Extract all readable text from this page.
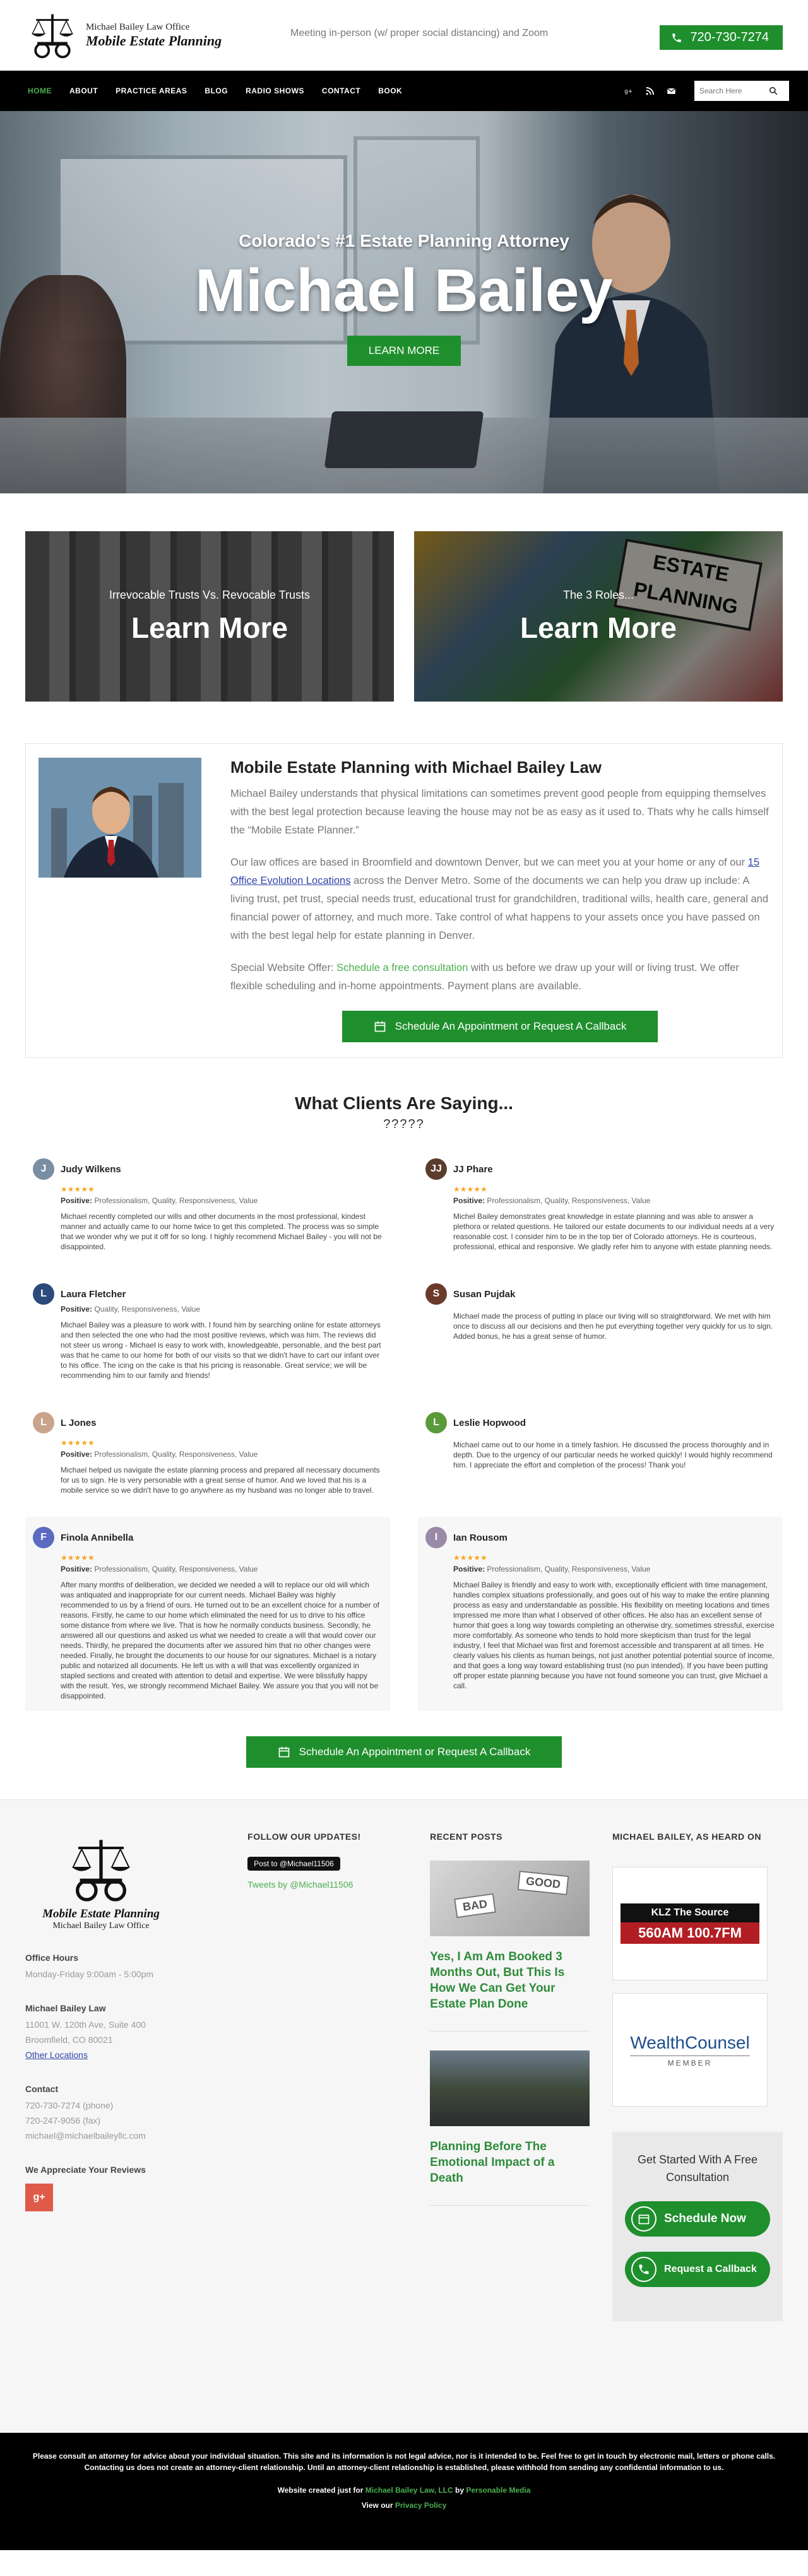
Michael Bailey Law Office
Mobile Estate Planning	Meeting in-person (w/ proper social distancing) and Zoom	720-730-7274
HOME ABOUT PRACTICE AREAS BLOG RADIO SHOWS CONTACT BOOK	g+
Search Here
Colorado's #1 Estate Planning Attorney
Michael Bailey
LEARN MORE
Irrevocable Trusts Vs. Revocable Trusts
Learn More
ESTATE PLANNING
The 3 Roles...
Learn More
Mobile Estate Planning with Michael Bailey Law

Michael Bailey understands that physical limitations can sometimes prevent good people from equipping themselves with the best legal protection because leaving the house may not be as easy as it used to. Thats why he calls himself the “Mobile Estate Planner.”

Our law offices are based in Broomfield and downtown Denver, but we can meet you at your home or any of our 15 Office Evolution Locations across the Denver Metro. Some of the documents we can help you draw up include: A living trust, pet trust, special needs trust, educational trust for grandchildren, traditional wills, health care, general and financial power of attorney, and much more. Take control of what happens to your assets once you have passed on with the best legal help for estate planning in Denver.

Special Website Offer: Schedule a free consultation with us before we draw up your will or living trust. We offer flexible scheduling and in-home appointments. Payment plans are available.

Schedule An Appointment or Request A Callback
What Clients Are Saying...
?????
J	Judy Wilkens
★★★★★
Positive: Professionalism, Quality, Responsiveness, Value
Michael recently completed our wills and other documents in the most professional, kindest manner and actually came to our home twice to get this completed. The process was so simple that we wonder why we put it off for so long. I highly recommend Michael Bailey - you will not be disappointed.
JJ	JJ Phare
★★★★★
Positive: Professionalism, Quality, Responsiveness, Value
Michel Bailey demonstrates great knowledge in estate planning and was able to answer a plethora or related questions. He tailored our estate documents to our individual needs at a very reasonable cost. I consider him to be in the top tier of Colorado attorneys. He is courteous, professional, ethical and responsive. We gladly refer him to anyone with estate planning needs.
L	Laura Fletcher
Positive: Quality, Responsiveness, Value
Michael Bailey was a pleasure to work with. I found him by searching online for estate attorneys and then selected the one who had the most positive reviews, which was him. The reviews did not steer us wrong - Michael is easy to work with, knowledgeable, personable, and the best part was that he came to our home for both of our visits so that we didn't have to cart our infant over to his office. The icing on the cake is that his pricing is reasonable. Great service; we will be recommending him to our family and friends!
S	Susan Pujdak
Michael made the process of putting in place our living will so straightforward. We met with him once to discuss all our decisions and then he put everything together very quickly for us to sign. Added bonus, he has a great sense of humor.
L	L Jones
★★★★★
Positive: Professionalism, Quality, Responsiveness, Value
Michael helped us navigate the estate planning process and prepared all necessary documents for us to sign. He is very personable with a great sense of humor. And we loved that his is a mobile service so we didn't have to go anywhere as my husband was no longer able to travel.
L	Leslie Hopwood
Michael came out to our home in a timely fashion. He discussed the process thoroughly and in depth. Due to the urgency of our particular needs he worked quickly! I would highly recommend him. I appreciate the effort and completion of the process! Thank you!
F	Finola Annibella
★★★★★
Positive: Professionalism, Quality, Responsiveness, Value
After many months of deliberation, we decided we needed a will to replace our old will which was antiquated and inappropriate for our current needs. Michael Bailey was highly recommended to us by a friend of ours. He turned out to be an excellent choice for a number of reasons. Firstly, he came to our home which eliminated the need for us to drive to his office some distance from where we live. That is how he normally conducts business. Secondly, he answered all our questions and asked us what we needed to create a will that would cover our needs. Thirdly, he prepared the documents after we assured him that no other changes were needed. Finally, he brought the documents to our house for our signatures. Michael is a notary public and notarized all documents. He left us with a will that was excellently organized in stapled sections and created with attention to detail and expertise. We were blissfully happy with the result. Yes, we strongly recommend Michael Bailey. We assure you that you will not be disappointed.
I	Ian Rousom
★★★★★
Positive: Professionalism, Quality, Responsiveness, Value
Michael Bailey is friendly and easy to work with, exceptionally efficient with time management, handles complex situations professionally, and goes out of his way to make the entire planning process as easy and understandable as possible. His flexibility on meeting locations and times impressed me more than what I observed of other offices. He also has an excellent sense of humor that goes a long way towards completing an otherwise dry, sometimes stressful, exercise more comfortably. As someone who tends to hold more skepticism than trust for the legal industry, I feel that Michael was first and foremost accessible and transparent at all times. He clearly values his clients as human beings, not just another potential potential source of income, and that goes a long way toward establishing trust (no pun intended). If you have been putting off proper estate planning because you have not found someone you can trust, give Michael a call.
Schedule An Appointment or Request A Callback
Mobile Estate Planning
Michael Bailey Law Office
Office Hours
Monday-Friday 9:00am - 5:00pm
Michael Bailey Law
11001 W. 120th Ave, Suite 400
Broomfield, CO 80021
Other Locations
Contact
720-730-7274 (phone)
720-247-9056 (fax)
michael@michaelbaileyllc.com
We Appreciate Your Reviews
g+
FOLLOW OUR UPDATES!
Post to @Michael11506
Tweets by @Michael11506
RECENT POSTS
BAD
GOOD
Yes, I Am Am Booked 3 Months Out, But This Is How We Can Get Your Estate Plan Done
Planning Before The Emotional Impact of a Death
MICHAEL BAILEY, AS HEARD ON
KLZ The Source
560AM 100.7FM
WealthCounsel
MEMBER
Get Started With A Free Consultation
Schedule Now
Request a Callback
Please consult an attorney for advice about your individual situation. This site and its information is not legal advice, nor is it intended to be. Feel free to get in touch by electronic mail, letters or phone calls. Contacting us does not create an attorney-client relationship. Until an attorney-client relationship is established, please withhold from sending any confidential information to us.
Website created just for Michael Bailey Law, LLC by Personable Media
View our Privacy Policy
